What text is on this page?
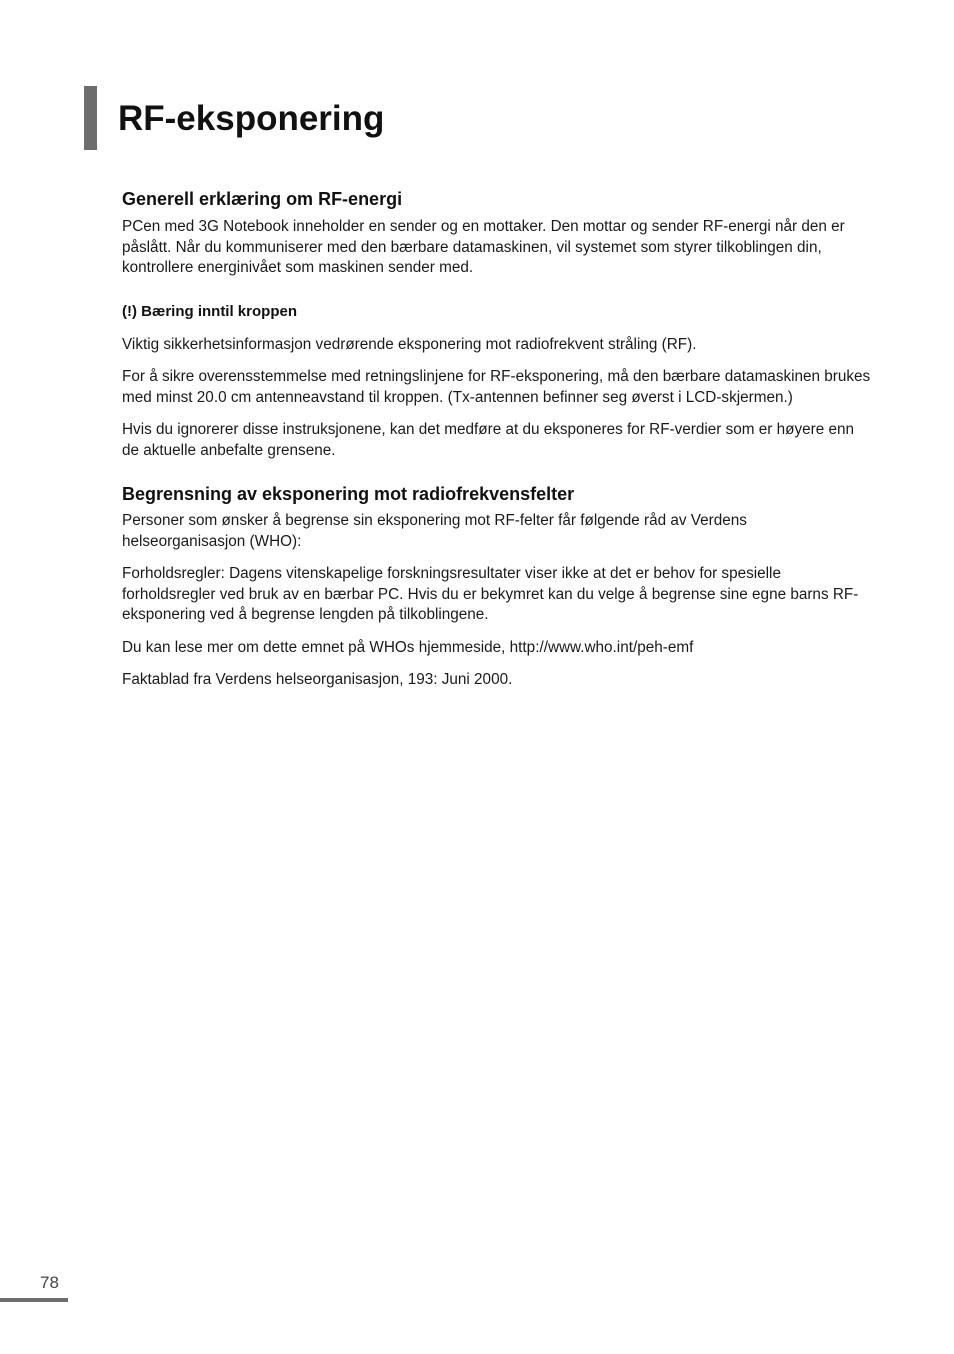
RF-eksponering
Generell erklæring om RF-energi

PCen med 3G Notebook inneholder en sender og en mottaker. Den mottar og sender RF-energi når den er påslått. Når du kommuniserer med den bærbare datamaskinen, vil systemet som styrer tilkoblingen din, kontrollere energinivået som maskinen sender med.

(!) Bæring inntil kroppen

Viktig sikkerhetsinformasjon vedrørende eksponering mot radiofrekvent stråling (RF).

For å sikre overensstemmelse med retningslinjene for RF-eksponering, må den bærbare datamaskinen brukes med minst 20.0 cm antenneavstand til kroppen. (Tx-antennen befinner seg øverst i LCD-skjermen.)

Hvis du ignorerer disse instruksjonene, kan det medføre at du eksponeres for RF-verdier som er høyere enn de aktuelle anbefalte grensene.

Begrensning av eksponering mot radiofrekvensfelter

Personer som ønsker å begrense sin eksponering mot RF-felter får følgende råd av Verdens helseorganisasjon (WHO):

Forholdsregler: Dagens vitenskapelige forskningsresultater viser ikke at det er behov for spesielle forholdsregler ved bruk av en bærbar PC. Hvis du er bekymret kan du velge å begrense sine egne barns RF-eksponering ved å begrense lengden på tilkoblingene.

Du kan lese mer om dette emnet på WHOs hjemmeside, http://www.who.int/peh-emf

Faktablad fra Verdens helseorganisasjon, 193: Juni 2000.

78
